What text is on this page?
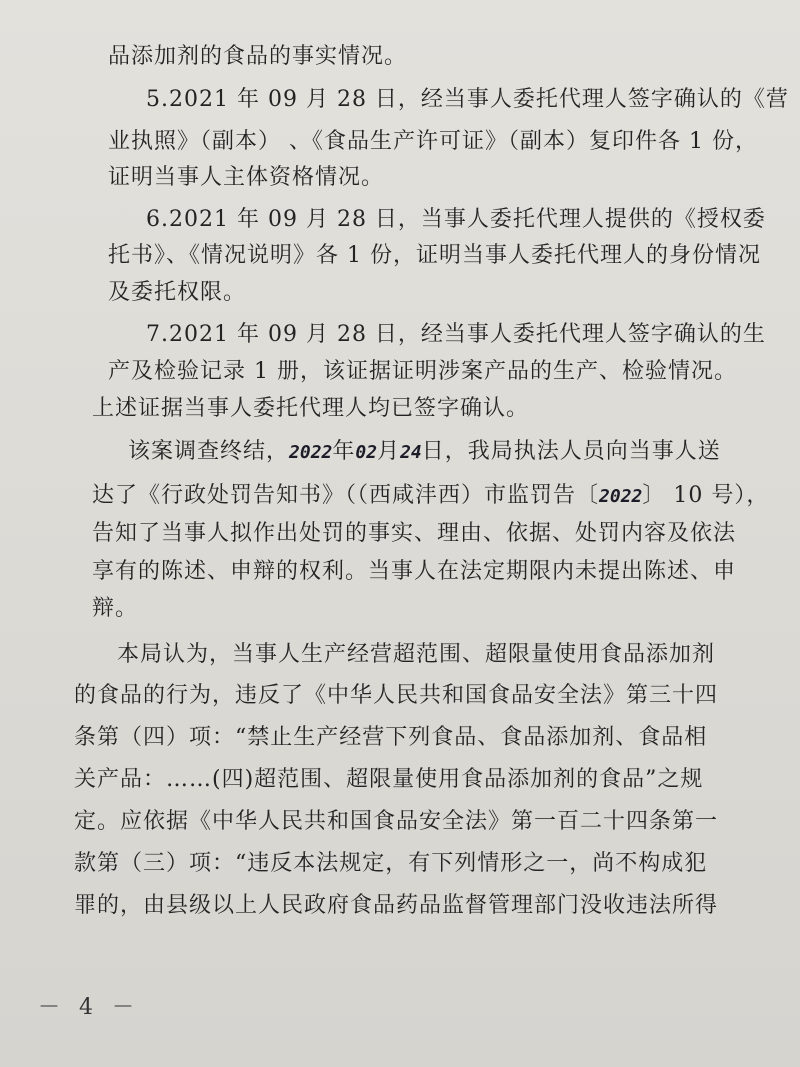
品添加剂的食品的事实情况。
5.2021 年 09 月 28 日，经当事人委托代理人签字确认的《营
业执照》（副本） 、《食品生产许可证》（副本）复印件各 1 份，
证明当事人主体资格情况。
6.2021 年 09 月 28 日，当事人委托代理人提供的《授权委
托书》、《情况说明》各 1 份，证明当事人委托代理人的身份情况
及委托权限。
7.2021 年 09 月 28 日，经当事人委托代理人签字确认的生
产及检验记录 1 册，该证据证明涉案产品的生产、检验情况。
上述证据当事人委托代理人均已签字确认。
该案调查终结，2022年02月24日，我局执法人员向当事人送
达了《行政处罚告知书》（（西咸沣西）市监罚告〔2022〕 10 号），
告知了当事人拟作出处罚的事实、理由、依据、处罚内容及依法
享有的陈述、申辩的权利。当事人在法定期限内未提出陈述、申
辩。
本局认为，当事人生产经营超范围、超限量使用食品添加剂
的食品的行为，违反了《中华人民共和国食品安全法》第三十四
条第（四）项：“禁止生产经营下列食品、食品添加剂、食品相
关产品：……(四)超范围、超限量使用食品添加剂的食品”之规
定。应依据《中华人民共和国食品安全法》第一百二十四条第一
款第（三）项：“违反本法规定，有下列情形之一，尚不构成犯
罪的，由县级以上人民政府食品药品监督管理部门没收违法所得
－ 4 －
